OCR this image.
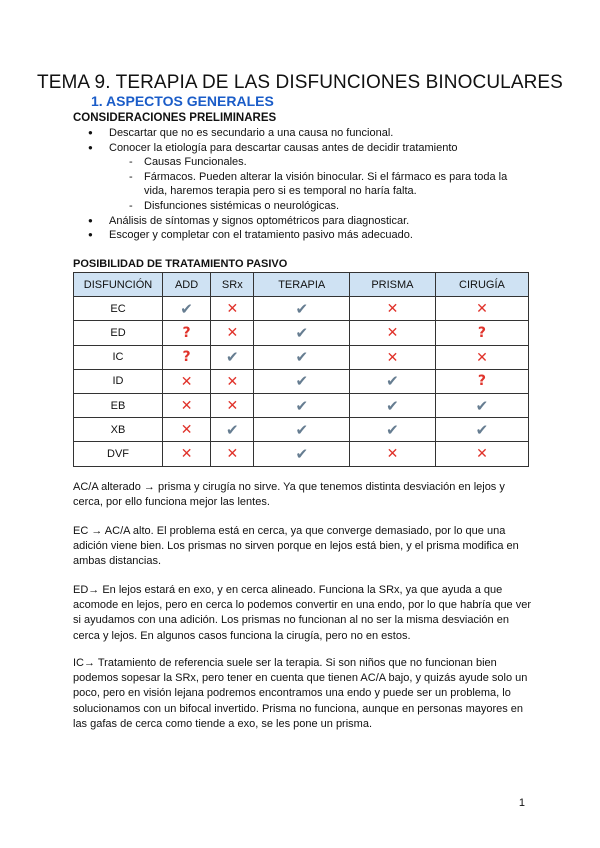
TEMA 9. TERAPIA DE LAS DISFUNCIONES BINOCULARES
1. ASPECTOS GENERALES
CONSIDERACIONES PRELIMINARES
● Descartar que no es secundario a una causa no funcional.
● Conocer la etiología para descartar causas antes de decidir tratamiento
- Causas Funcionales.
- Fármacos. Pueden alterar la visión binocular. Si el fármaco es para toda la vida, haremos terapia pero si es temporal no haría falta.
- Disfunciones sistémicas o neurológicas.
● Análisis de síntomas y signos optométricos para diagnosticar.
● Escoger y completar con el tratamiento pasivo más adecuado.

POSIBILIDAD DE TRATAMIENTO PASIVO

DISFUNCIÓN	ADD	SRx	TERAPIA	PRISMA	CIRUGÍA
EC	✔	✕	✔	✕	✕
ED	?	✕	✔	✕	?
IC	?	✔	✔	✕	✕
ID	✕	✕	✔	✔	?
EB	✕	✕	✔	✔	✔
XB	✕	✔	✔	✔	✔
DVF	✕	✕	✔	✕	✕

AC/A alterado → prisma y cirugía no sirve. Ya que tenemos distinta desviación en lejos y cerca, por ello funciona mejor las lentes.

EC → AC/A alto. El problema está en cerca, ya que converge demasiado, por lo que una adición viene bien. Los prismas no sirven porque en lejos está bien, y el prisma modifica en ambas distancias.

ED→ En lejos estará en exo, y en cerca alineado. Funciona la SRx, ya que ayuda a que acomode en lejos, pero en cerca lo podemos convertir en una endo, por lo que habría que ver si ayudamos con una adición. Los prismas no funcionan al no ser la misma desviación en cerca y lejos. En algunos casos funciona la cirugía, pero no en estos.

IC→ Tratamiento de referencia suele ser la terapia. Si son niños que no funcionan bien podemos sopesar la SRx, pero tener en cuenta que tienen AC/A bajo, y quizás ayude solo un poco, pero en visión lejana podremos encontramos una endo y puede ser un problema, lo solucionamos con un bifocal invertido. Prisma no funciona, aunque en personas mayores en las gafas de cerca como tiende a exo, se les pone un prisma.

1
